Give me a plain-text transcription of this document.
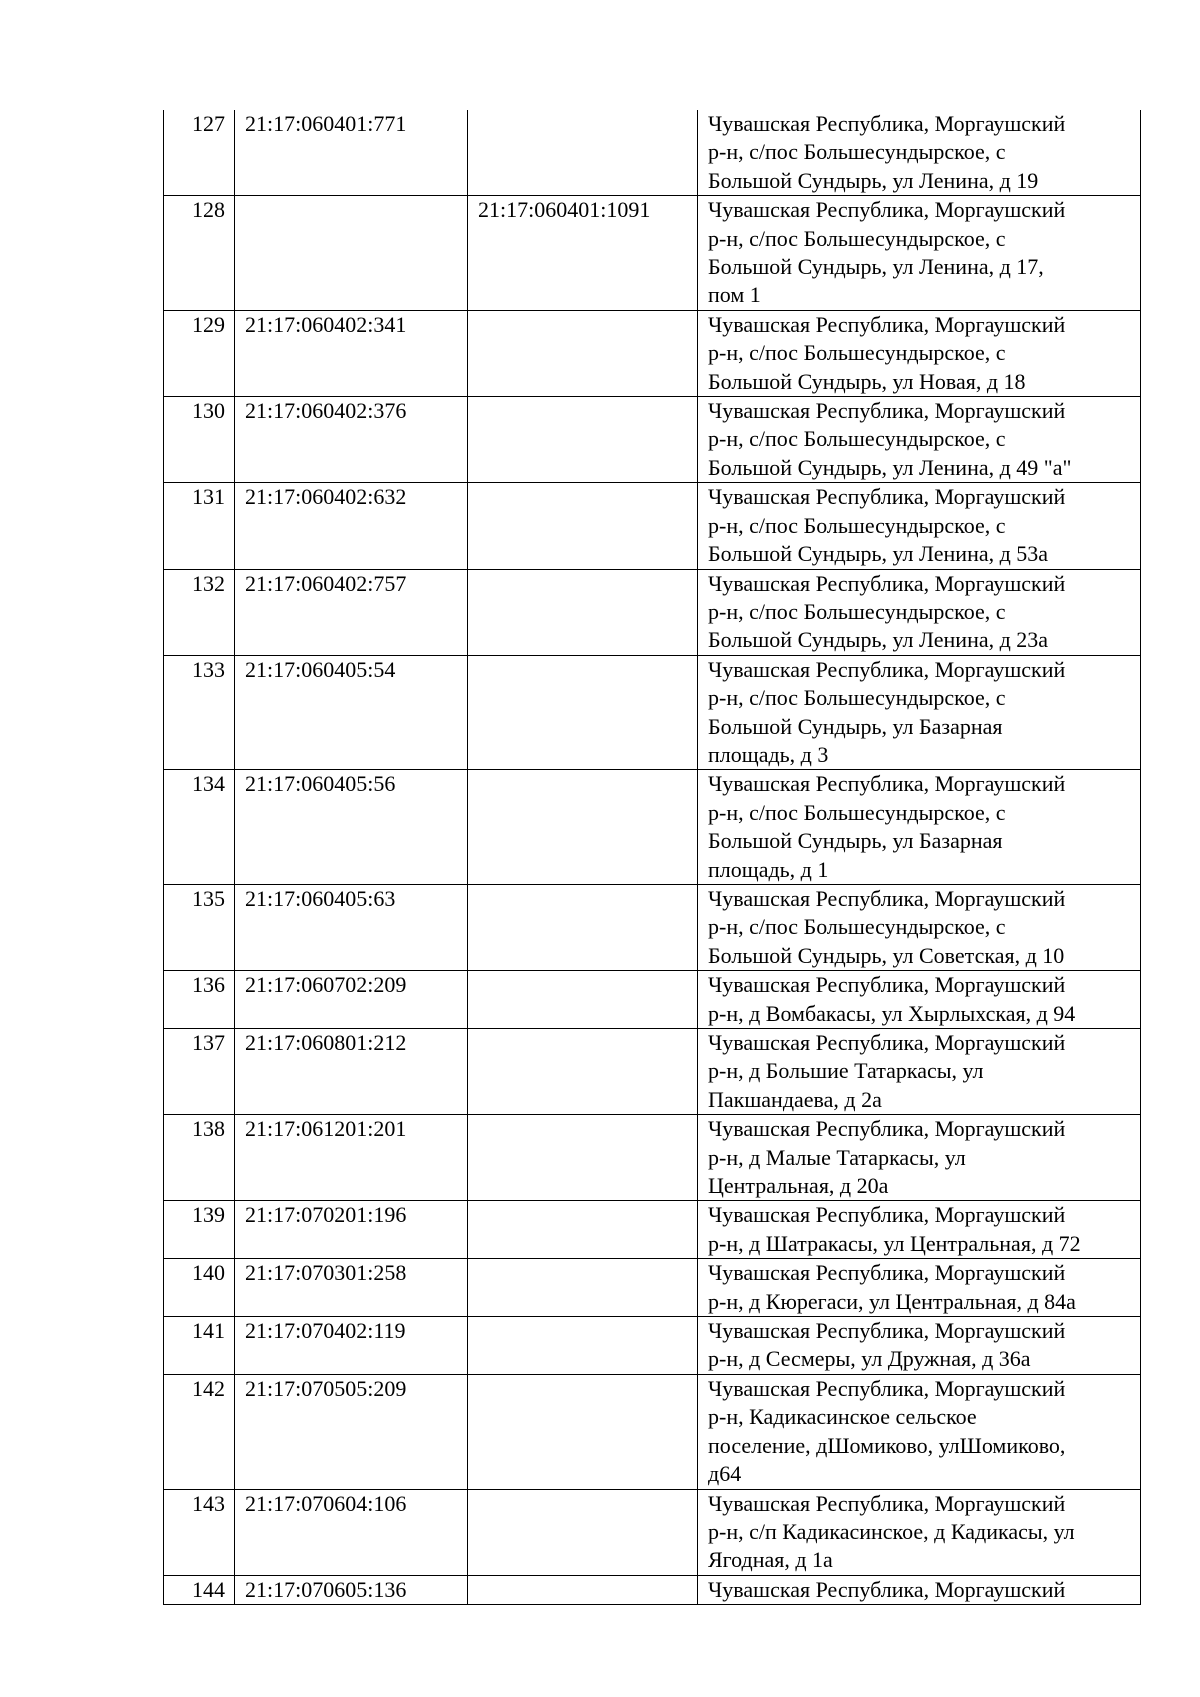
127	21:17:060401:771		Чувашская Республика, Моргаушский
р-н, с/пос Большесундырское, с
Большой Сундырь, ул Ленина, д 19
128		21:17:060401:1091	Чувашская Республика, Моргаушский
р-н, с/пос Большесундырское, с
Большой Сундырь, ул Ленина, д 17,
пом 1
129	21:17:060402:341		Чувашская Республика, Моргаушский
р-н, с/пос Большесундырское, с
Большой Сундырь, ул Новая, д 18
130	21:17:060402:376		Чувашская Республика, Моргаушский
р-н, с/пос Большесундырское, с
Большой Сундырь, ул Ленина, д 49 "а"
131	21:17:060402:632		Чувашская Республика, Моргаушский
р-н, с/пос Большесундырское, с
Большой Сундырь, ул Ленина, д 53а
132	21:17:060402:757		Чувашская Республика, Моргаушский
р-н, с/пос Большесундырское, с
Большой Сундырь, ул Ленина, д 23а
133	21:17:060405:54		Чувашская Республика, Моргаушский
р-н, с/пос Большесундырское, с
Большой Сундырь, ул Базарная
площадь, д 3
134	21:17:060405:56		Чувашская Республика, Моргаушский
р-н, с/пос Большесундырское, с
Большой Сундырь, ул Базарная
площадь, д 1
135	21:17:060405:63		Чувашская Республика, Моргаушский
р-н, с/пос Большесундырское, с
Большой Сундырь, ул Советская, д 10
136	21:17:060702:209		Чувашская Республика, Моргаушский
р-н, д Вомбакасы, ул Хырлыхская, д 94
137	21:17:060801:212		Чувашская Республика, Моргаушский
р-н, д Большие Татаркасы, ул
Пакшандаева, д 2а
138	21:17:061201:201		Чувашская Республика, Моргаушский
р-н, д Малые Татаркасы, ул
Центральная, д 20а
139	21:17:070201:196		Чувашская Республика, Моргаушский
р-н, д Шатракасы, ул Центральная, д 72
140	21:17:070301:258		Чувашская Республика, Моргаушский
р-н, д Кюрегаси, ул Центральная, д 84а
141	21:17:070402:119		Чувашская Республика, Моргаушский
р-н, д Сесмеры, ул Дружная, д 36а
142	21:17:070505:209		Чувашская Республика, Моргаушский
р-н, Кадикасинское сельское
поселение, дШомиково, улШомиково,
д64
143	21:17:070604:106		Чувашская Республика, Моргаушский
р-н, с/п Кадикасинское, д Кадикасы, ул
Ягодная, д 1а
144	21:17:070605:136		Чувашская Республика, Моргаушский
